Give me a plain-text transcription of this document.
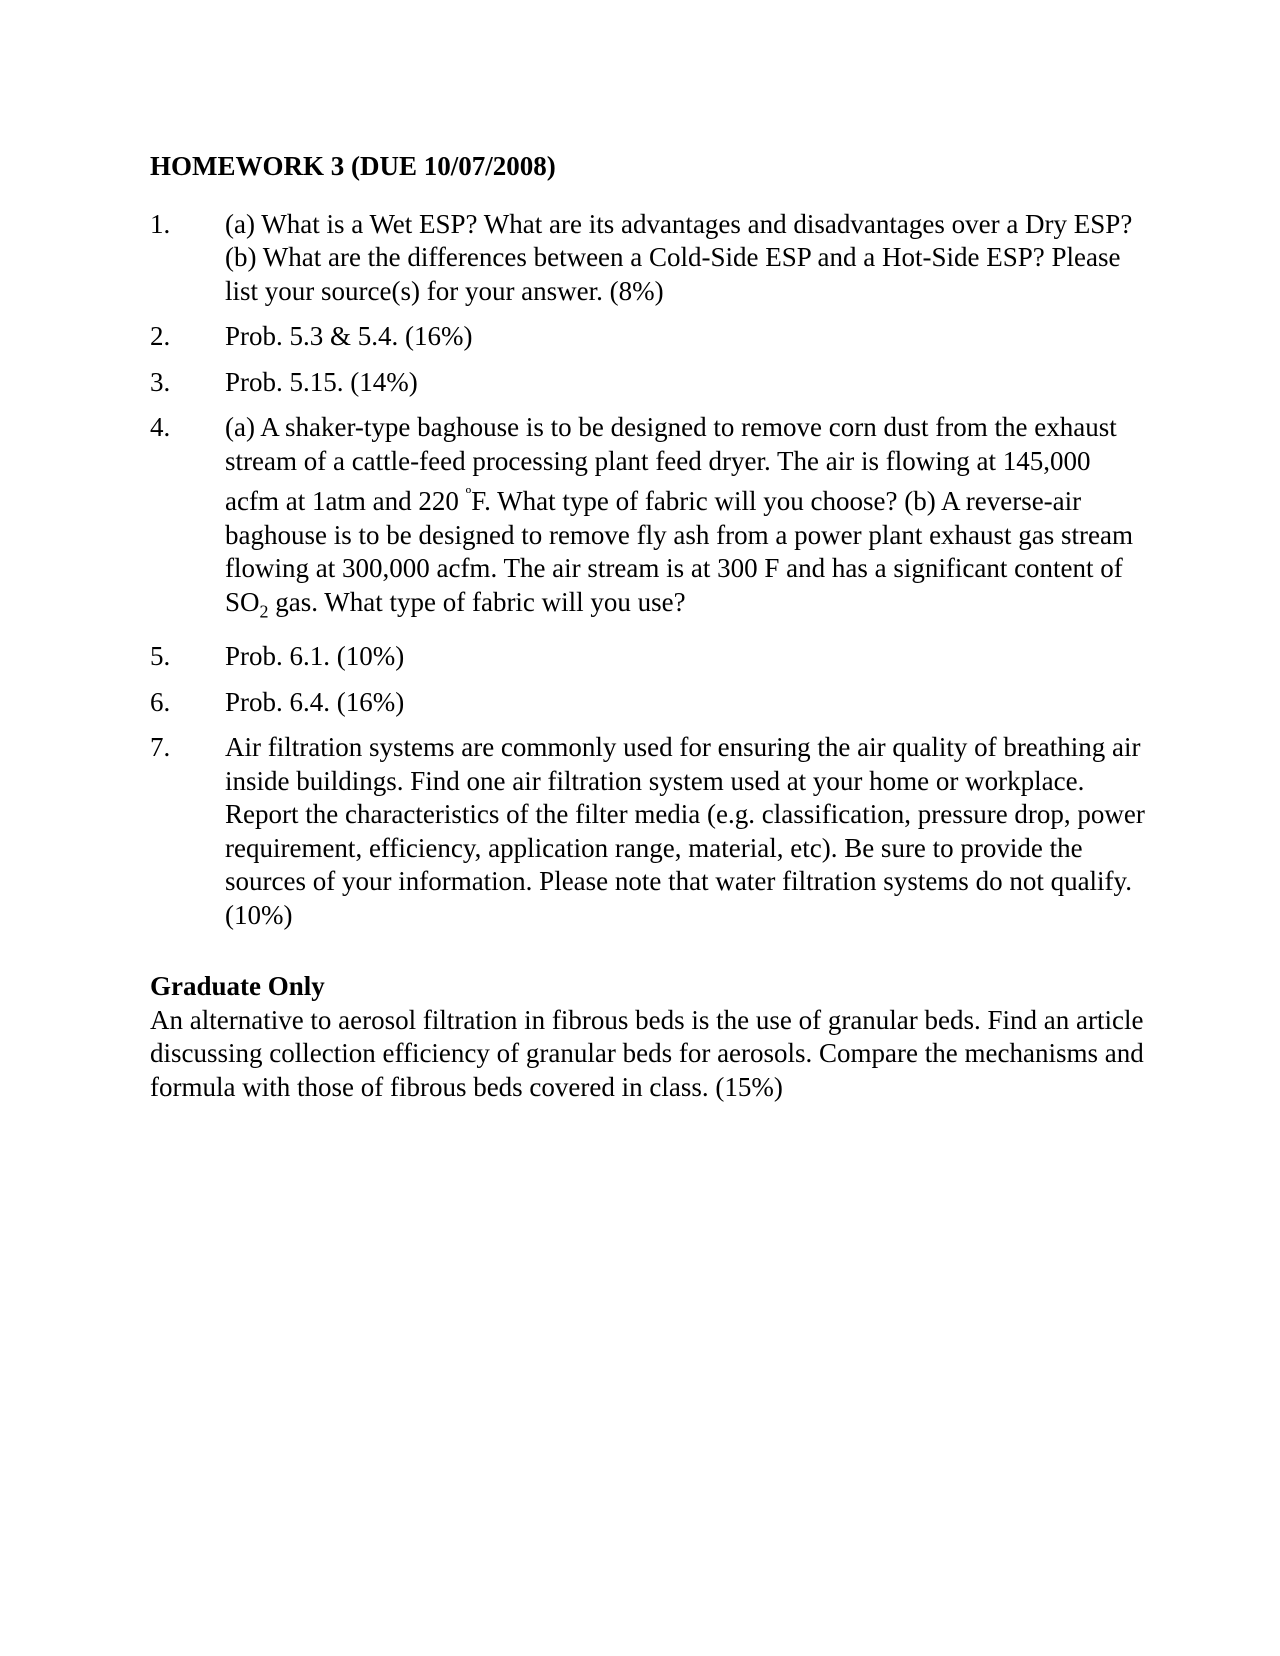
HOMEWORK 3 (DUE 10/07/2008)
1.	(a) What is a Wet ESP? What are its advantages and disadvantages over a Dry ESP? (b) What are the differences between a Cold-Side ESP and a Hot-Side ESP? Please list your source(s) for your answer. (8%)
2.	Prob. 5.3 & 5.4. (16%)
3.	Prob. 5.15. (14%)
4.	(a) A shaker-type baghouse is to be designed to remove corn dust from the exhaust stream of a cattle-feed processing plant feed dryer. The air is flowing at 145,000 acfm at 1atm and 220 $^º$F. What type of fabric will you choose? (b) A reverse-air baghouse is to be designed to remove fly ash from a power plant exhaust gas stream flowing at 300,000 acfm. The air stream is at 300 F and has a significant content of $SO_2$ gas. What type of fabric will you use?
5.	Prob. 6.1. (10%)
6.	Prob. 6.4. (16%)
7.	Air filtration systems are commonly used for ensuring the air quality of breathing air inside buildings. Find one air filtration system used at your home or workplace. Report the characteristics of the filter media (e.g. classification, pressure drop, power requirement, efficiency, application range, material, etc). Be sure to provide the sources of your information. Please note that water filtration systems do not qualify. (10%)
Graduate Only

An alternative to aerosol filtration in fibrous beds is the use of granular beds. Find an article discussing collection efficiency of granular beds for aerosols. Compare the mechanisms and formula with those of fibrous beds covered in class. (15%)
